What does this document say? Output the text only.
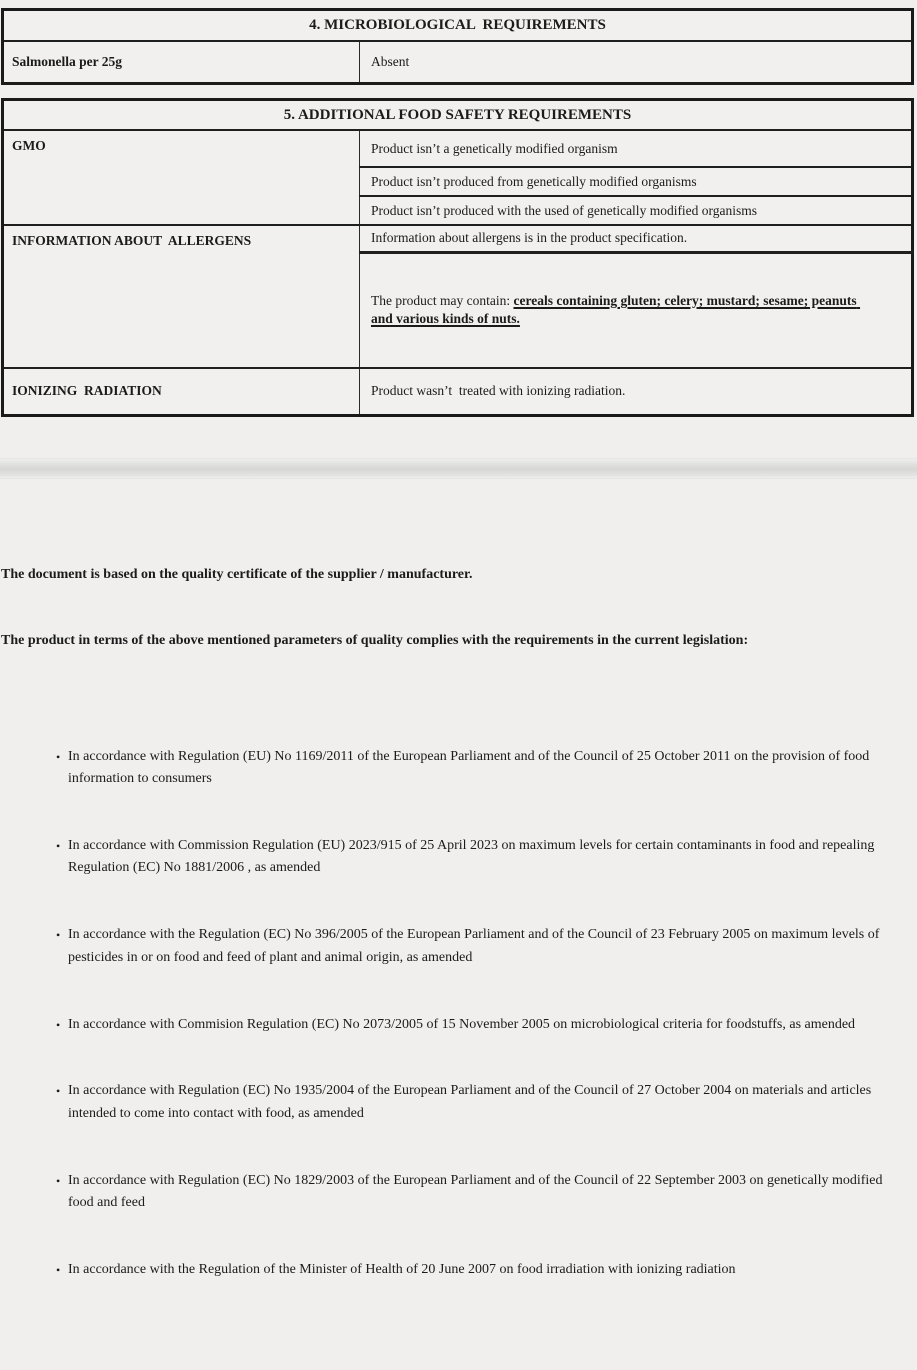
4. MICROBIOLOGICAL  REQUIREMENTS
Salmonella per 25g	Absent
5. ADDITIONAL FOOD SAFETY REQUIREMENTS	
GMO	Product isn’t a genetically modified organism
	Product isn’t produced from genetically modified organisms
	Product isn’t produced with the used of genetically modified organisms
INFORMATION ABOUT  ALLERGENS	Information about allergens is in the product specification.

	The product may contain: cereals containing gluten; celery; mustard; sesame; peanuts and various kinds of nuts.

IONIZING  RADIATION	Product wasn’t  treated with ionizing radiation.

The document is based on the quality certificate of the supplier / manufacturer.

The product in terms of the above mentioned parameters of quality complies with the requirements in the current legislation:

• In accordance with Regulation (EU) No 1169/2011 of the European Parliament and of the Council of 25 October 2011 on the provision of food information to consumers

• In accordance with Commission Regulation (EU) 2023/915 of 25 April 2023 on maximum levels for certain contaminants in food and repealing Regulation (EC) No 1881/2006 , as amended

• In accordance with the Regulation (EC) No 396/2005 of the European Parliament and of the Council of 23 February 2005 on maximum levels of pesticides in or on food and feed of plant and animal origin, as amended

• In accordance with Commision Regulation (EC) No 2073/2005 of 15 November 2005 on microbiological criteria for foodstuffs, as amended

• In accordance with Regulation (EC) No 1935/2004 of the European Parliament and of the Council of 27 October 2004 on materials and articles intended to come into contact with food, as amended

• In accordance with Regulation (EC) No 1829/2003 of the European Parliament and of the Council of 22 September 2003 on genetically modified food and feed

• In accordance with the Regulation of the Minister of Health of 20 June 2007 on food irradiation with ionizing radiation
